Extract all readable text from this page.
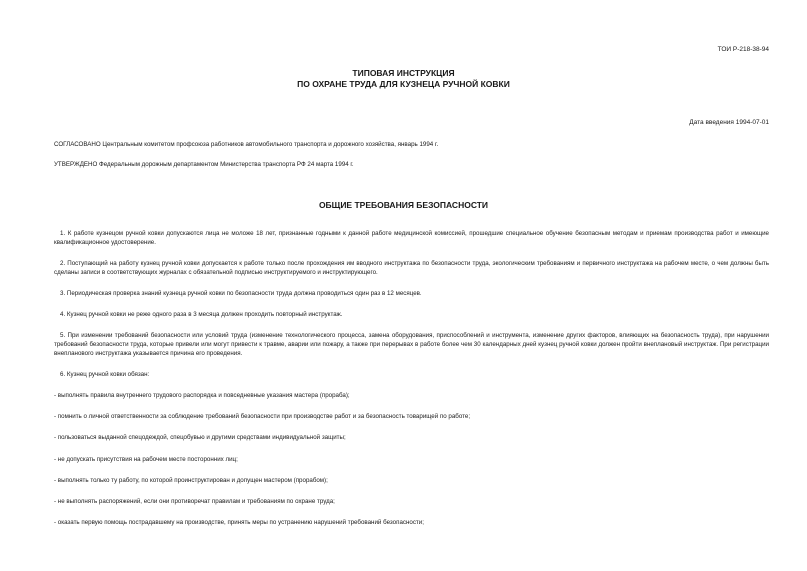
ТОИ Р-218-38-94
ТИПОВАЯ ИНСТРУКЦИЯ
ПО ОХРАНЕ ТРУДА ДЛЯ КУЗНЕЦА РУЧНОЙ КОВКИ
Дата введения 1994-07-01
СОГЛАСОВАНО Центральным комитетом профсоюза работников автомобильного транспорта и дорожного хозяйства, январь 1994 г.
УТВЕРЖДЕНО Федеральным дорожным департаментом Министерства транспорта РФ 24 марта 1994 г.
ОБЩИЕ ТРЕБОВАНИЯ БЕЗОПАСНОСТИ

1. К работе кузнецом ручной ковки допускаются лица не моложе 18 лет, признанные годными к данной работе медицинской комиссией, прошедшие специальное обучение безопасным методам и приемам производства работ и имеющие квалификационное удостоверение.

2. Поступающий на работу кузнец ручной ковки допускается к работе только после прохождения им вводного инструктажа по безопасности труда, экологическим требованиям и первичного инструктажа на рабочем месте, о чем должны быть сделаны записи в соответствующих журналах с обязательной подписью инструктируемого и инструктирующего.

3. Периодическая проверка знаний кузнеца ручной ковки по безопасности труда должна проводиться один раз в 12 месяцев.

4. Кузнец ручной ковки не реже одного раза в 3 месяца должен проходить повторный инструктаж.

5. При изменении требований безопасности или условий труда (изменение технологического процесса, замена оборудования, приспособлений и инструмента, изменение других факторов, влияющих на безопасность труда), при нарушении требований безопасности труда, которые привели или могут привести к травме, аварии или пожару, а также при перерывах в работе более чем 30 календарных дней кузнец ручной ковки должен пройти внеплановый инструктаж. При регистрации внепланового инструктажа указывается причина его проведения.

6. Кузнец ручной ковки обязан:

- выполнять правила внутреннего трудового распорядка и повседневные указания мастера (прораба);

- помнить о личной ответственности за соблюдение требований безопасности при производстве работ и за безопасность товарищей по работе;

- пользоваться выданной спецодеждой, спецобувью и другими средствами индивидуальной защиты;

- не допускать присутствия на рабочем месте посторонних лиц;

- выполнять только ту работу, по которой проинструктирован и допущен мастером (прорабом);

- не выполнять распоряжений, если они противоречат правилам и требованиям по охране труда;

- оказать первую помощь пострадавшему на производстве, принять меры по устранению нарушений требований безопасности;
